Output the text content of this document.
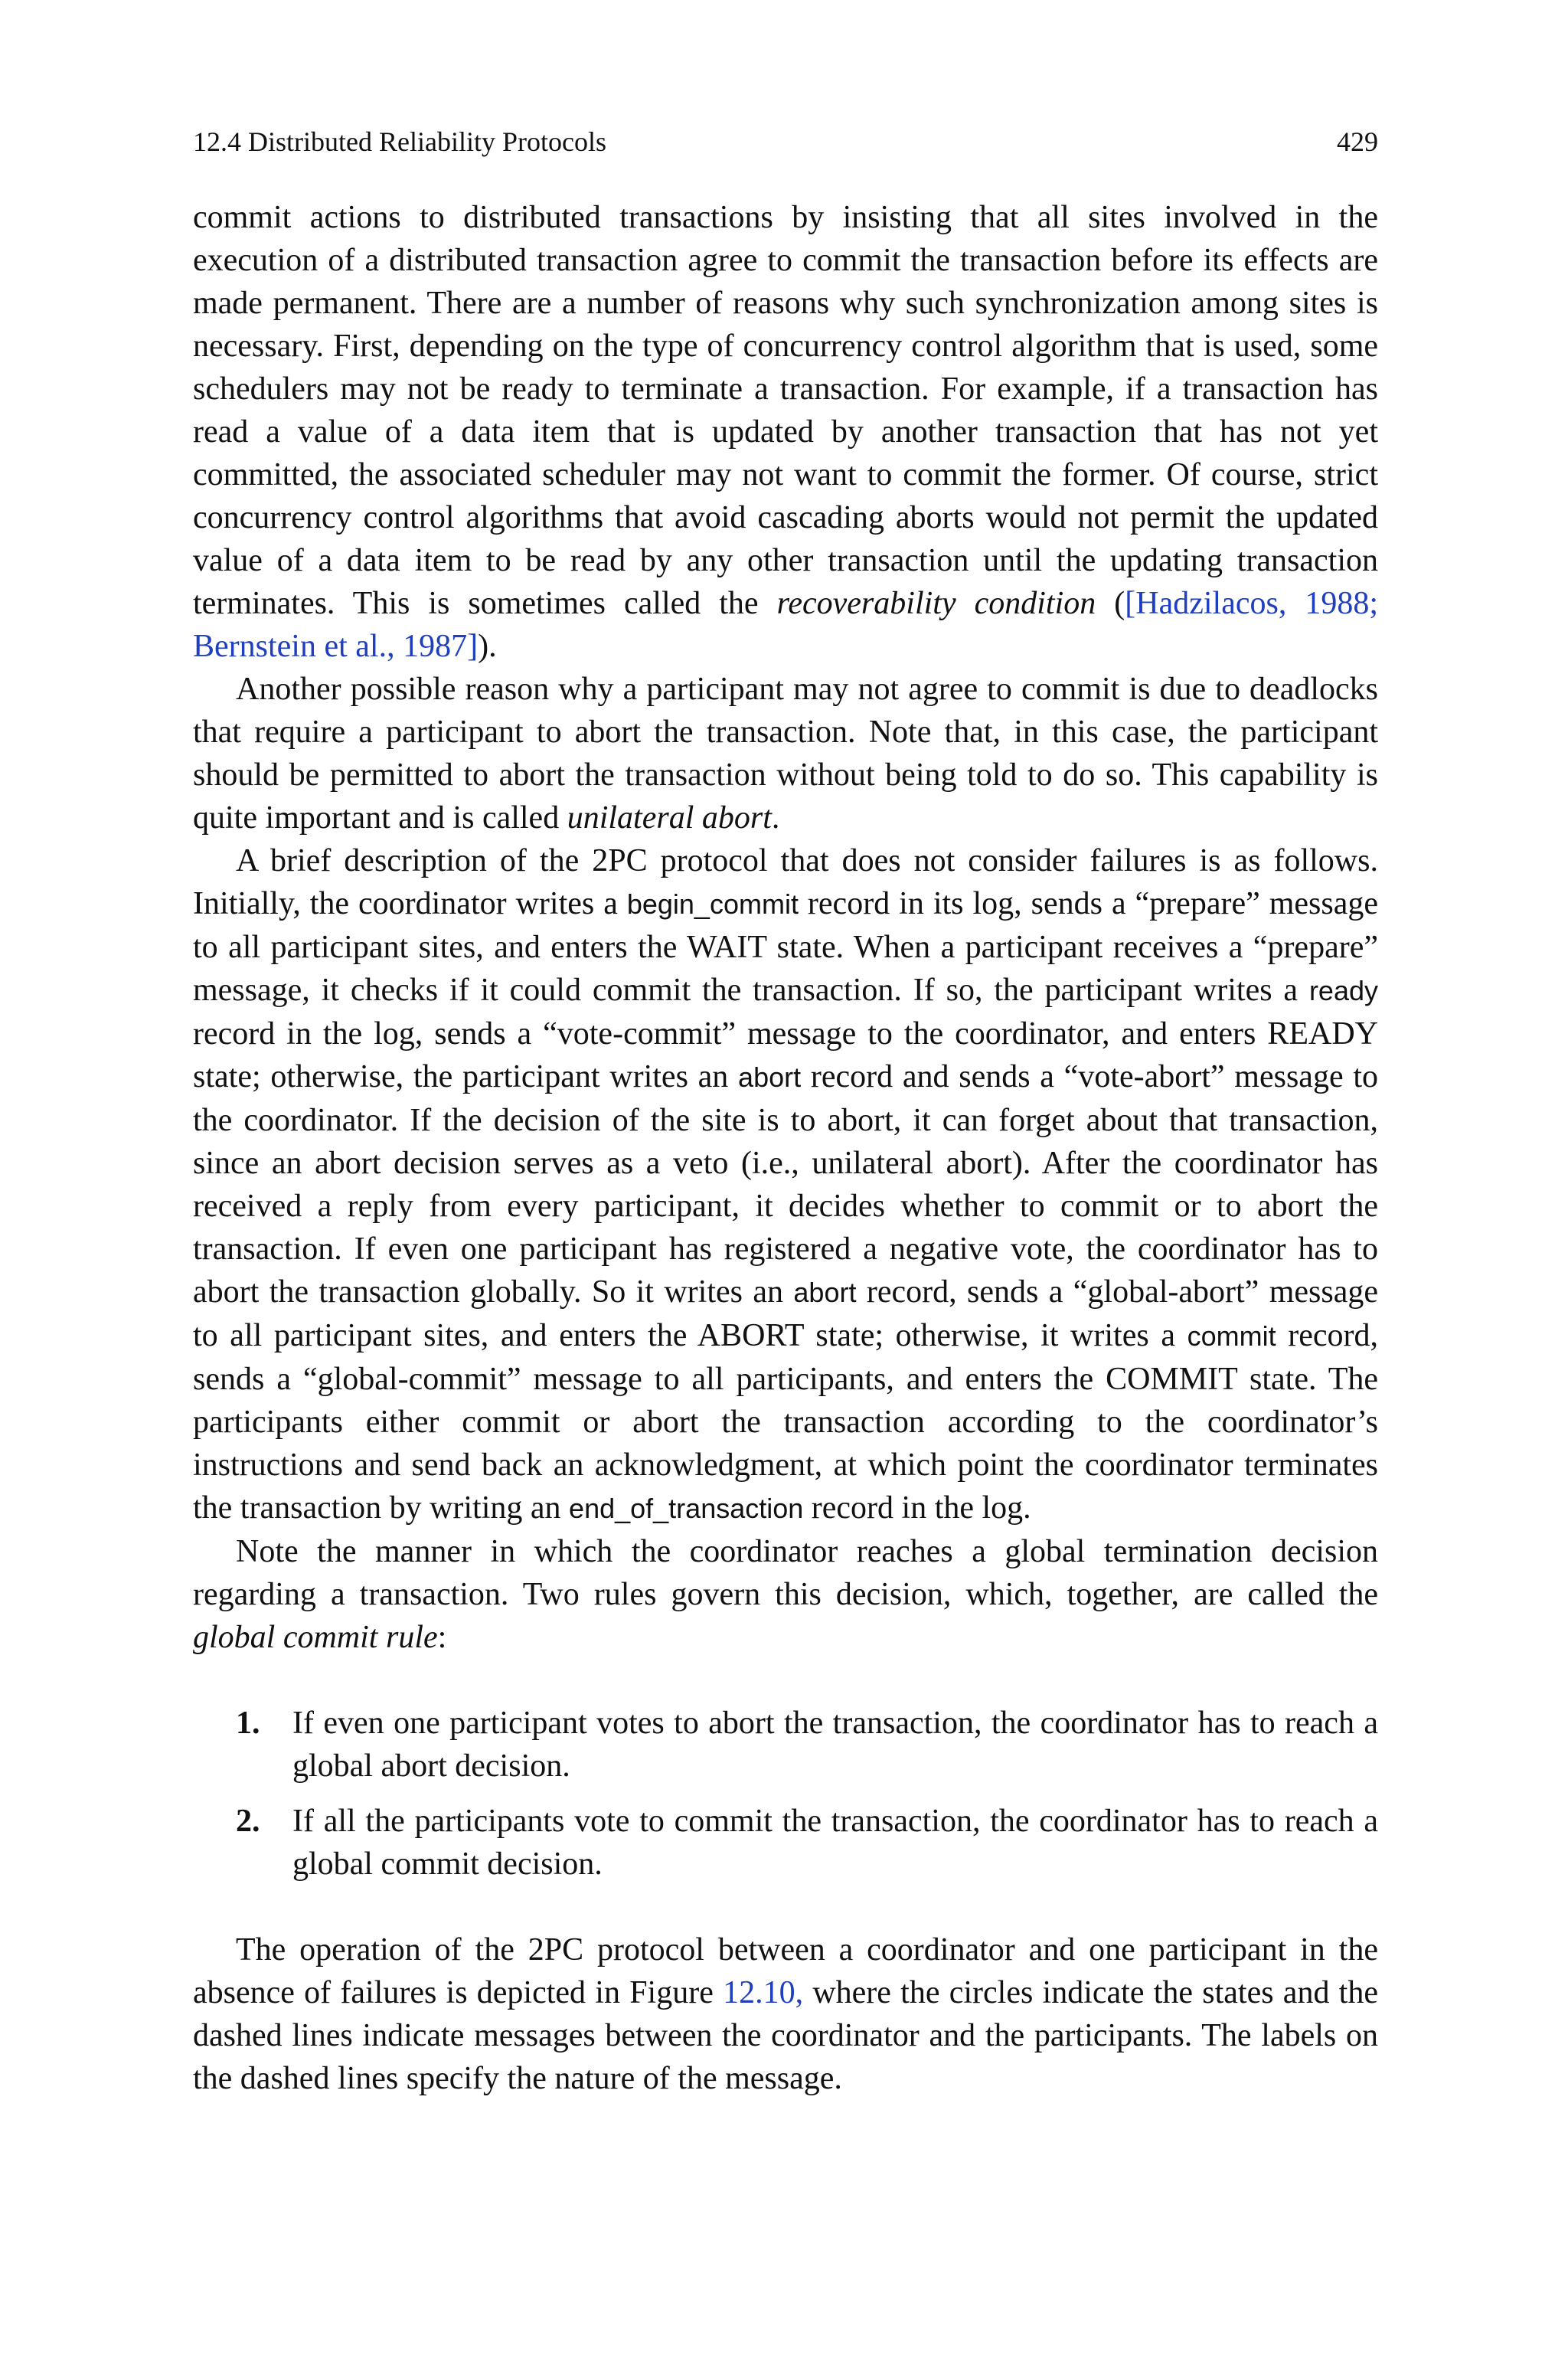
12.4 Distributed Reliability Protocols	429

commit actions to distributed transactions by insisting that all sites involved in the execution of a distributed transaction agree to commit the transaction before its effects are made permanent. There are a number of reasons why such synchronization among sites is necessary. First, depending on the type of concurrency control algorithm that is used, some schedulers may not be ready to terminate a transaction. For example, if a transaction has read a value of a data item that is updated by another transaction that has not yet committed, the associated scheduler may not want to commit the former. Of course, strict concurrency control algorithms that avoid cascading aborts would not permit the updated value of a data item to be read by any other transaction until the updating transaction terminates. This is sometimes called the recoverability condition ([Hadzilacos, 1988; Bernstein et al., 1987]).

Another possible reason why a participant may not agree to commit is due to deadlocks that require a participant to abort the transaction. Note that, in this case, the participant should be permitted to abort the transaction without being told to do so. This capability is quite important and is called unilateral abort.

A brief description of the 2PC protocol that does not consider failures is as follows. Initially, the coordinator writes a begin_commit record in its log, sends a “prepare” message to all participant sites, and enters the WAIT state. When a participant receives a “prepare” message, it checks if it could commit the transaction. If so, the participant writes a ready record in the log, sends a “vote-commit” message to the coordinator, and enters READY state; otherwise, the participant writes an abort record and sends a “vote-abort” message to the coordinator. If the decision of the site is to abort, it can forget about that transaction, since an abort decision serves as a veto (i.e., unilateral abort). After the coordinator has received a reply from every participant, it decides whether to commit or to abort the transaction. If even one participant has registered a negative vote, the coordinator has to abort the transaction globally. So it writes an abort record, sends a “global-abort” message to all participant sites, and enters the ABORT state; otherwise, it writes a commit record, sends a “global-commit” message to all participants, and enters the COMMIT state. The participants either commit or abort the transaction according to the coordinator’s instructions and send back an acknowledgment, at which point the coordinator terminates the transaction by writing an end_of_transaction record in the log.

Note the manner in which the coordinator reaches a global termination decision regarding a transaction. Two rules govern this decision, which, together, are called the global commit rule:

1. If even one participant votes to abort the transaction, the coordinator has to reach a global abort decision.
2. If all the participants vote to commit the transaction, the coordinator has to reach a global commit decision.

The operation of the 2PC protocol between a coordinator and one participant in the absence of failures is depicted in Figure 12.10, where the circles indicate the states and the dashed lines indicate messages between the coordinator and the participants. The labels on the dashed lines specify the nature of the message.
